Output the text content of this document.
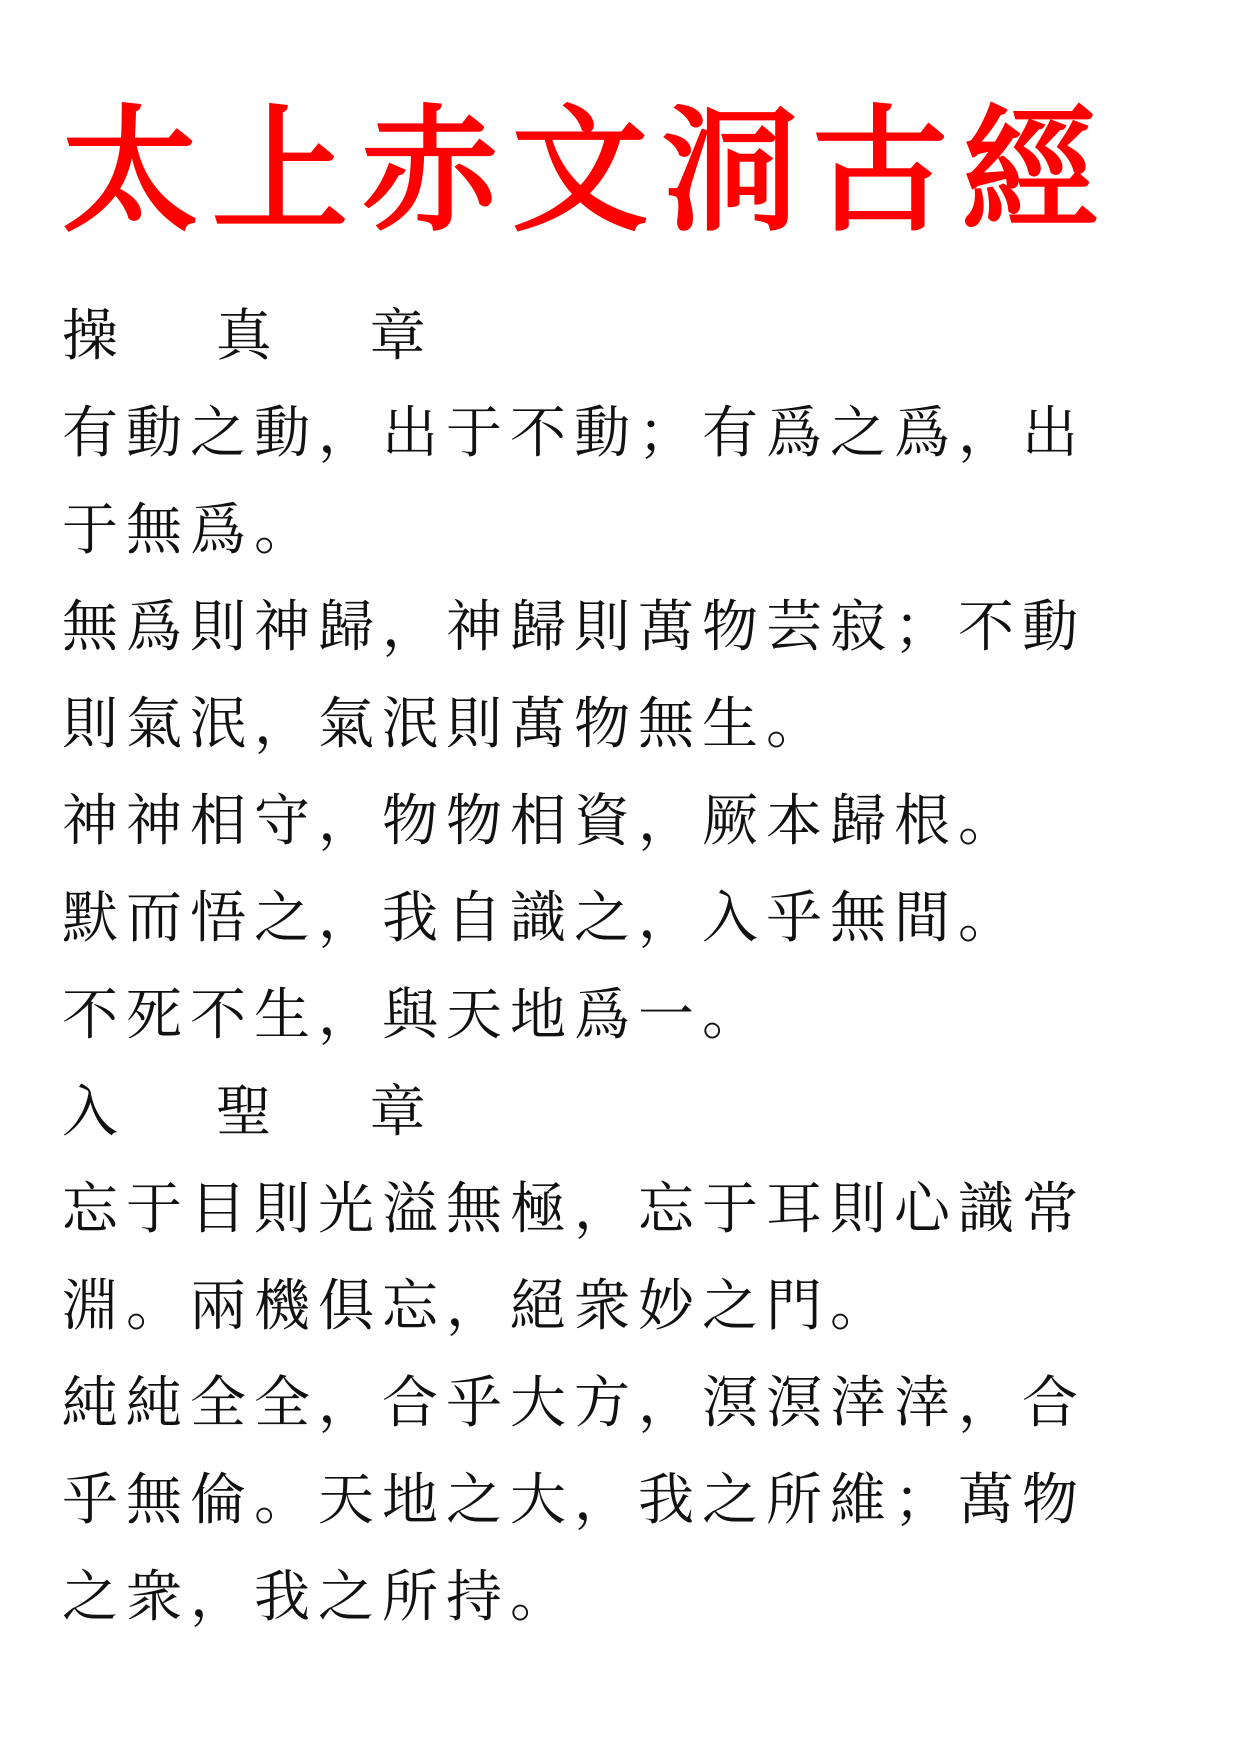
太上赤文洞古經
操 真 章
有動之動，出于不動；有爲之爲，出
于無爲。
無爲則神歸，神歸則萬物芸寂；不動
則氣泯，氣泯則萬物無生。
神神相守，物物相資，厥本歸根。
默而悟之，我自識之，入乎無間。
不死不生，與天地爲一。
入 聖 章
忘于目則光溢無極，忘于耳則心識常
淵。兩機俱忘，絕衆妙之門。
純純全全，合乎大方，溟溟涬涬，合
乎無倫。天地之大，我之所維；萬物
之衆，我之所持。
